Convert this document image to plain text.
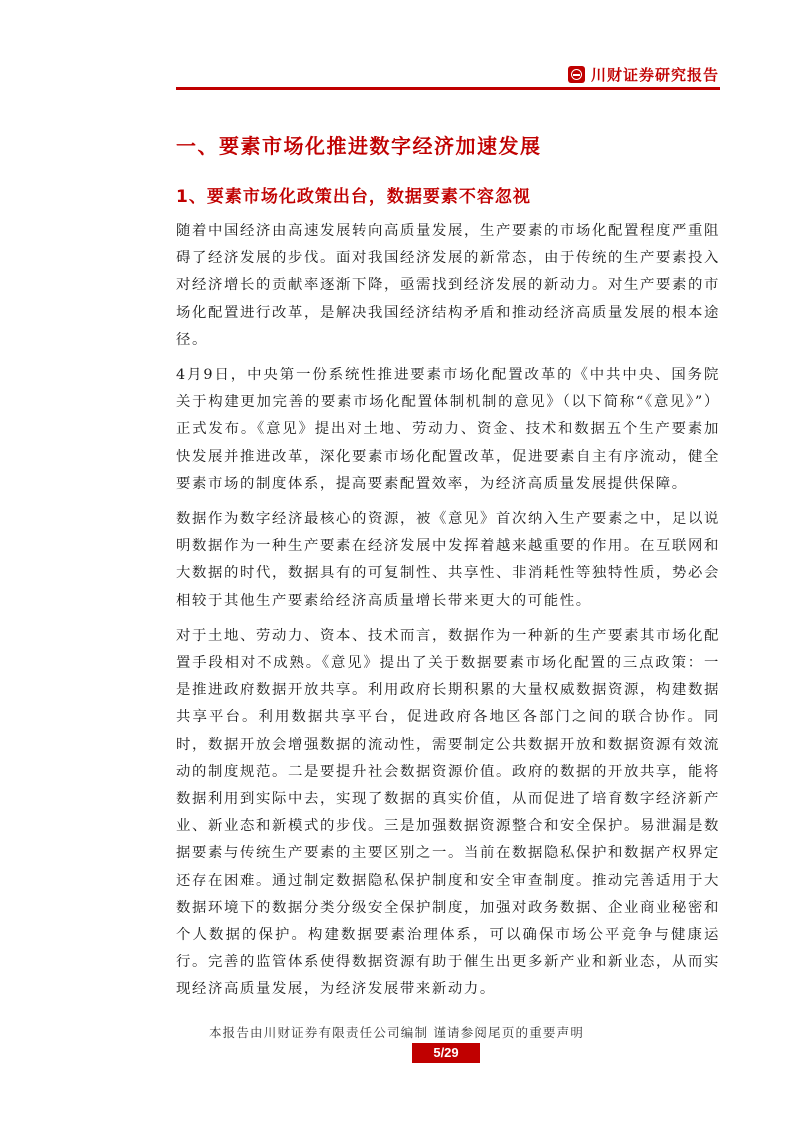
川财证券研究报告
一、要素市场化推进数字经济加速发展
1、要素市场化政策出台，数据要素不容忽视

随着中国经济由高速发展转向高质量发展，生产要素的市场化配置程度严重阻碍了经济发展的步伐。面对我国经济发展的新常态，由于传统的生产要素投入对经济增长的贡献率逐渐下降，亟需找到经济发展的新动力。对生产要素的市场化配置进行改革，是解决我国经济结构矛盾和推动经济高质量发展的根本途径。

4月9日，中央第一份系统性推进要素市场化配置改革的《中共中央、国务院关于构建更加完善的要素市场化配置体制机制的意见》（以下简称“《意见》”）正式发布。《意见》提出对土地、劳动力、资金、技术和数据五个生产要素加快发展并推进改革，深化要素市场化配置改革，促进要素自主有序流动，健全要素市场的制度体系，提高要素配置效率，为经济高质量发展提供保障。

数据作为数字经济最核心的资源，被《意见》首次纳入生产要素之中，足以说明数据作为一种生产要素在经济发展中发挥着越来越重要的作用。在互联网和大数据的时代，数据具有的可复制性、共享性、非消耗性等独特性质，势必会相较于其他生产要素给经济高质量增长带来更大的可能性。

对于土地、劳动力、资本、技术而言，数据作为一种新的生产要素其市场化配置手段相对不成熟。《意见》提出了关于数据要素市场化配置的三点政策：一是推进政府数据开放共享。利用政府长期积累的大量权威数据资源，构建数据共享平台。利用数据共享平台，促进政府各地区各部门之间的联合协作。同时，数据开放会增强数据的流动性，需要制定公共数据开放和数据资源有效流动的制度规范。二是要提升社会数据资源价值。政府的数据的开放共享，能将数据利用到实际中去，实现了数据的真实价值，从而促进了培育数字经济新产业、新业态和新模式的步伐。三是加强数据资源整合和安全保护。易泄漏是数据要素与传统生产要素的主要区别之一。当前在数据隐私保护和数据产权界定还存在困难。通过制定数据隐私保护制度和安全审查制度。推动完善适用于大数据环境下的数据分类分级安全保护制度，加强对政务数据、企业商业秘密和个人数据的保护。构建数据要素治理体系，可以确保市场公平竞争与健康运行。完善的监管体系使得数据资源有助于催生出更多新产业和新业态，从而实现经济高质量发展，为经济发展带来新动力。

本报告由川财证券有限责任公司编制 谨请参阅尾页的重要声明
5/29
